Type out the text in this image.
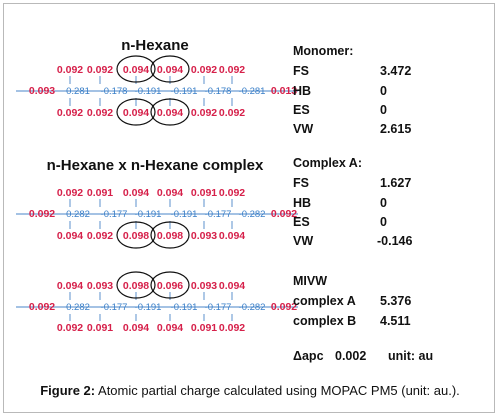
n-Hexane
0.092 0.092 0.094 0.094 0.092 0.092
0.092 0.092 0.094 0.094 0.092 0.092
0.093 0.281 -0.178 -0.191 -0.191 -0.178 -0.281 0.013
n-Hexane x n-Hexane complex
0.092 0.091 0.094 0.094 0.091 0.092
0.094 0.092 0.098 0.098 0.093 0.094
0.092 0.282 -0.177 -0.191 -0.191 -0.177 -0.282 0.092
0.094 0.093 0.098 0.096 0.093 0.094
0.092 0.091 0.094 0.094 0.091 0.092
0.092 0.282 -0.177 -0.191 -0.191 -0.177 -0.282 0.092
Monomer:
FS	3.472
HB	0
ES	0
VW	2.615
Complex A:
FS	1.627
HB	0
ES	0
VW	-0.146
MIVW
complex A 5.376
complex B 4.511
Δapc 0.002 unit: au
Figure 2: Atomic partial charge calculated using MOPAC PM5 (unit: au.).
